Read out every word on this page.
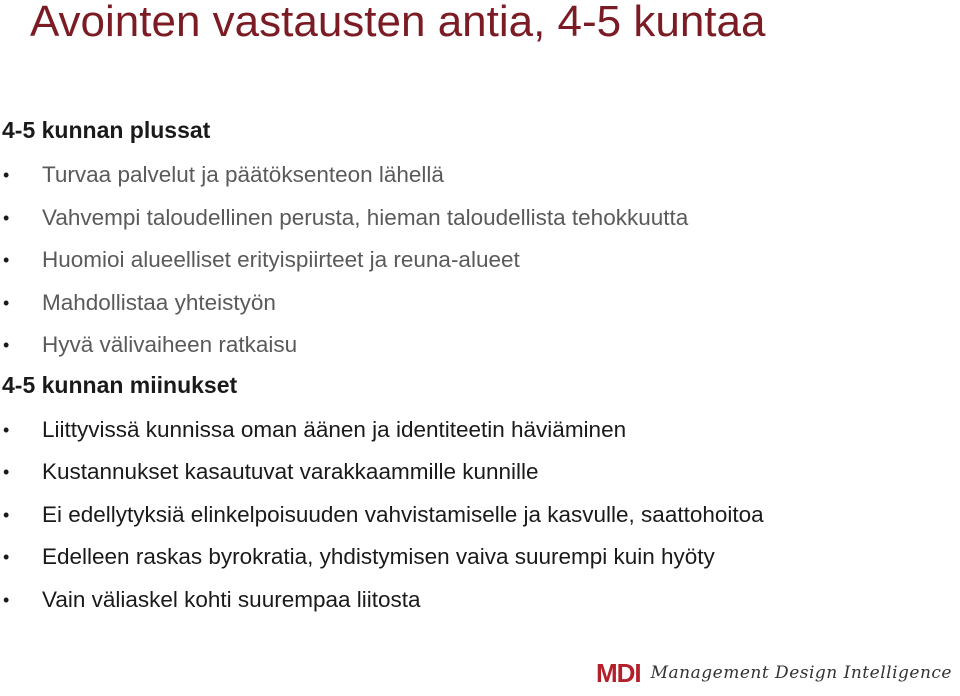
Avointen vastausten antia, 4-5 kuntaa
4-5 kunnan plussat
• Turvaa palvelut ja päätöksenteon lähellä
• Vahvempi taloudellinen perusta, hieman taloudellista tehokkuutta
• Huomioi alueelliset erityispiirteet ja reuna-alueet
• Mahdollistaa yhteistyön
• Hyvä välivaiheen ratkaisu
4-5 kunnan miinukset
• Liittyvissä kunnissa oman äänen ja identiteetin häviäminen
• Kustannukset kasautuvat varakkaammille kunnille
• Ei edellytyksiä elinkelpoisuuden vahvistamiselle ja kasvulle, saattohoitoa
• Edelleen raskas byrokratia, yhdistymisen vaiva suurempi kuin hyöty
• Vain väliaskel kohti suurempaa liitosta
MDI Management Design Intelligence
